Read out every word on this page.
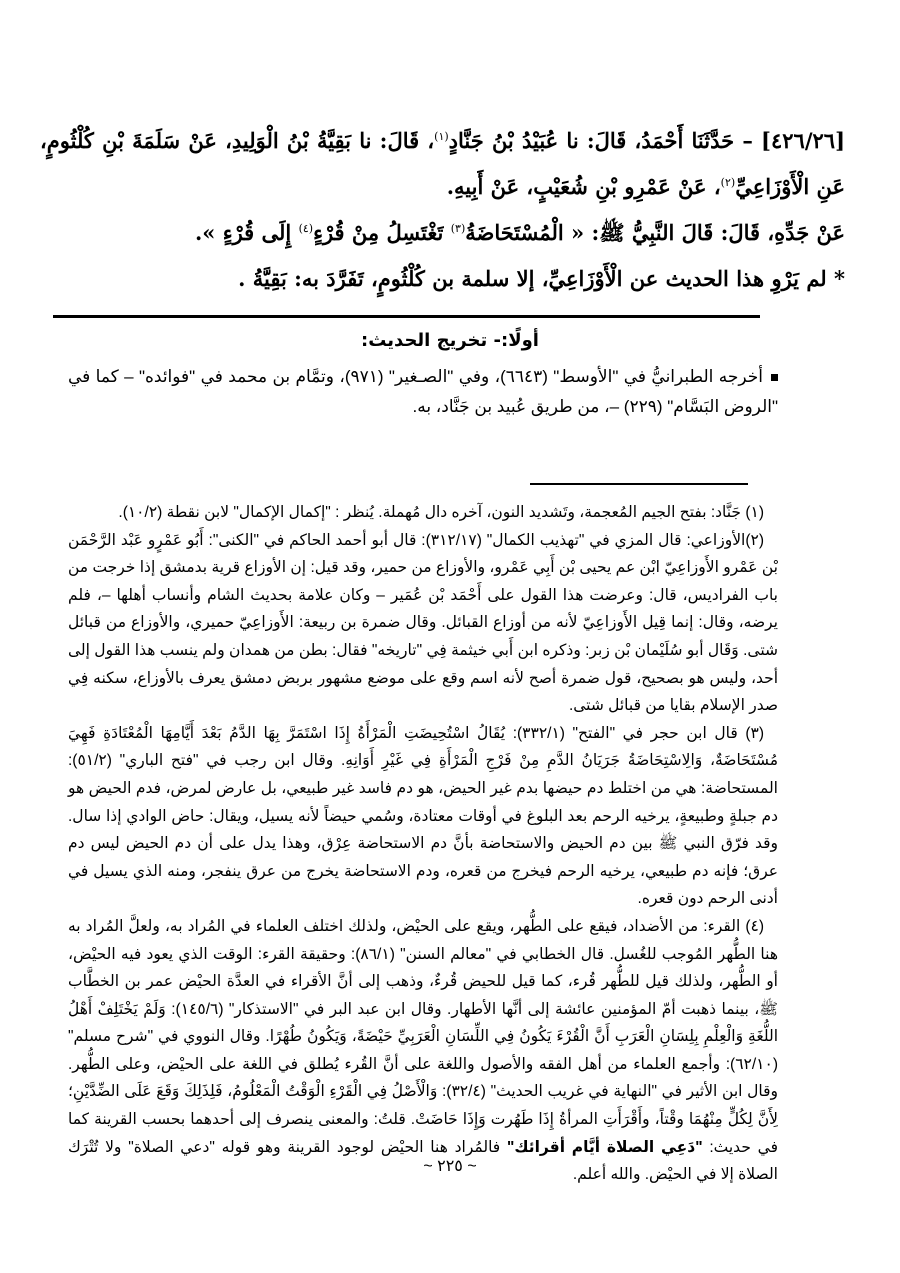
[٤٢٦/٢٦] – حَدَّثَنَا أَحْمَدُ، قَالَ: نا عُبَيْدُ بْنُ جَنَّادٍ$^{(١)}$، قَالَ: نا بَقِيَّةُ بْنُ الْوَلِيدِ، عَنْ سَلَمَةَ بْنِ كُلْثُومٍ، عَنِ الْأَوْزَاعِيِّ$^{(٢)}$، عَنْ عَمْرِو بْنِ شُعَيْبٍ، عَنْ أَبِيهِ.

عَنْ جَدِّهِ، قَالَ: قَالَ النَّبِيُّ ﷺ: « الْمُسْتَحَاضَةُ$^{(٣)}$ تَغْتَسِلُ مِنْ قُرْءٍ$^{(٤)}$ إِلَى قُرْءٍ ».

* لم يَرْوِ هذا الحديث عن الْأَوْزَاعِيِّ، إلا سلمة بن كُلْثُومٍ، تَفَرَّدَ به: بَقِيَّةُ .

أولًا:- تخريج الحديث:

أخرجه الطبرانيُّ في "الأوسط" (٦٦٤٣)، وفي "الصـغير" (٩٧١)، وتمَّام بن محمد في "فوائده" – كما في "الروض البَسَّام" (٢٢٩) –، من طريق عُبيد بن جَنَّاد، به.

(١) جَنَّاد: بفتح الجيم المُعجمة، وتَشديد النون، آخره دال مُهملة. يُنظر : "إكمال الإكمال" لابن نقطة (١٠/٢).

(٢)الأوزاعي: قال المزي في "تهذيب الكمال" (٣١٢/١٧): قال أبو أحمد الحاكم في "الكنى": أَبُو عَمْرٍو عَبْد الرَّحْمَن بْن عَمْرو الأَوزاعِيّ ابْن عم يحيى بْن أَبِي عَمْرو، والأوزاع من حمير، وقد قيل: إن الأوزاع قرية بدمشق إذا خرجت من باب الفراديس، قال: وعرضت هذا القول على أَحْمَد بْن عُمَير – وكان علامة بحديث الشام وأنساب أهلها –، فلم يرضه، وقال: إنما قِيل الأَوزاعِيّ لأنه من أوزاع القبائل. وقال ضمرة بن ربيعة: الأَوزاعِيّ حميري، والأوزاع من قبائل شتى. وَقَال أبو سُلَيْمان بْن زبر: وذكره ابن أَبي خيثمة فِي "تاريخه" فقال: بطن من همدان ولم ينسب هذا القول إلى أحد، وليس هو بصحيح، قول ضمرة أصح لأنه اسم وقع على موضع مشهور بربض دمشق يعرف بالأوزاع، سكنه فِي صدر الإسلام بقايا من قبائل شتى.

(٣) قال ابن حجر في "الفتح" (٣٣٢/١): يُقَالُ اسْتُحِيضَتِ الْمَرْأَةُ إِذَا اسْتَمَرَّ بِهَا الدَّمُ بَعْدَ أَيَّامِهَا الْمُعْتَادَةِ فَهِيَ مُسْتَحَاضَةٌ، وَالِاسْتِحَاضَةُ جَرَيَانُ الدَّمِ مِنْ فَرْجِ الْمَرْأَةِ فِي غَيْرِ أَوَانِهِ. وقال ابن رجب في "فتح الباري" (٥١/٢): المستحاضة: هي من اختلط دم حيضها بدم غير الحيض، هو دم فاسد غير طبيعي، بل عارض لمرض، فدم الحيض هو دم جبلةٍ وطبيعةٍ، يرخيه الرحم بعد البلوغ في أوقات معتادة، وسُمي حيضاً لأنه يسيل، ويقال: حاض الوادي إذا سال. وقد فرّق النبي ﷺ بين دم الحيض والاستحاضة بأنَّ دم الاستحاضة عِرْق، وهذا يدل على أن دم الحيض ليس دم عرق؛ فإنه دم طبيعي، يرخيه الرحم فيخرج من قعره، ودم الاستحاضة يخرج من عرق ينفجر، ومنه الذي يسيل في أدنى الرحم دون قعره.

(٤) القرء: من الأضداد، فيقع على الطُّهر، ويقع على الحيْض، ولذلك اختلف العلماء في المُراد به، ولعلَّ المُراد به هنا الطُّهر المُوجب للغُسل. قال الخطابي في "معالم السنن" (٨٦/١): وحقيقة القرء: الوقت الذي يعود فيه الحيْض، أو الطُّهر، ولذلك قيل للطُّهر قُرء، كما قيل للحيض قُرءٌ، وذهب إلى أنَّ الأقراء في العدَّة الحيْض عمر بن الخطَّاب ﷺ، بينما ذهبت أمّ المؤمنين عائشة إلى أنَّها الأطهار. وقال ابن عبد البر في "الاستذكار" (١٤٥/٦): وَلَمْ يَخْتَلِفْ أَهْلُ اللُّغَةِ وَالْعِلْمِ بِلِسَانِ الْعَرَبِ أَنَّ الْقُرْءَ يَكُونُ فِي اللِّسَانِ الْعَرَبِيِّ حَيْضَةً، وَيَكُونُ طُهْرًا. وقال النووي في "شرح مسلم" (٦٢/١٠): وأجمع العلماء من أهل الفقه والأصول واللغة على أنَّ القُرء يُطلق في اللغة على الحيْض، وعلى الطُّهر. وقال ابن الأثير في "النهاية في غريب الحديث" (٣٢/٤): وَالْأَصْلُ فِي الْقَرْءِ الْوَقْتُ الْمَعْلُومُ، فَلِذَلِكَ وَقَعَ عَلَى الضِّدَّيْنِ؛ لِأَنَّ لِكُلٍّ مِنْهُمَا وقْتاً، وأَقْرَأَتِ المرأةُ إِذَا طَهُرت وَإِذَا حَاضَتْ. قلتُ: والمعنى ينصرف إلى أحدهما بحسب القرينة كما في حديث: "دَعِي الصلاة أيَّام أقرائك" فالمُراد هنا الحيْض لوجود القرينة وهو قوله "دعي الصلاة" ولا تُتْرَك الصلاة إلا في الحيْض. والله أعلم.

~ ٢٢٥ ~
